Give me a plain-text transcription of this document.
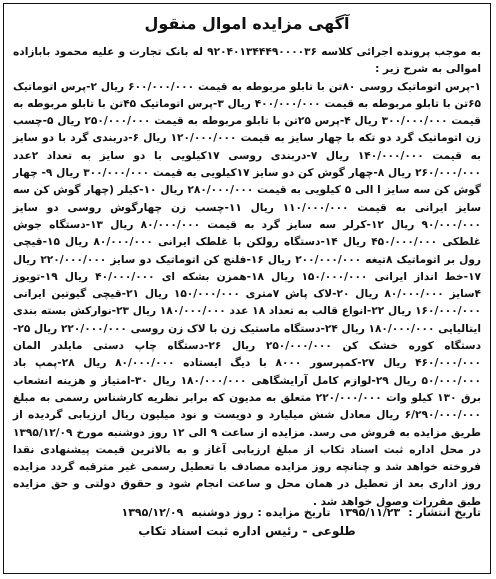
آگهی مزایده اموال منقول

به موجب پرونده اجرائی کلاسه ۹۲۰۴۰۱۳۴۴۴۹۰۰۰۰۳۶ له بانک تجارت و علیه محمود بابازاده اموالی به شرح زیر :

۱-پرس اتوماتیک روسی ۸۰تن با تابلو مربوطه به قیمت ۶۰۰/۰۰۰/۰۰۰ ریال ۲-پرس اتوماتیک ۶۵تن با تابلو مربوطه به قیمت ۴۰۰/۰۰۰/۰۰۰ ریال ۳-پرس اتوماتیک ۴۵تن با تابلو مربوطه به قیمت ۳۰۰/۰۰۰/۰۰۰ ریال ۴-پرس ۲۵تن با تابلو مربوطه به قیمت ۲۵۰/۰۰۰/۰۰۰ ریال ۵-چسب زن اتوماتیک گرد دو تکه با چهار سایز به قیمت ۱۲۰/۰۰۰/۰۰۰ ریال ۶-دربندی گرد با دو سایز به قیمت ۱۴۰/۰۰۰/۰۰۰ ریال ۷-دربندی روسی ۱۷کیلویی با دو سایز به تعداد ۲عدد ۲۶۰/۰۰۰/۰۰۰ ریال ۸-چهار گوش کن دو سایز ۱۷کیلویی به قیمت ۳۰۰/۰۰۰/۰۰۰ ریال ۹- چهار گوش کن سه سایز ا الی ۵ کیلویی به قیمت ۲۸۰/۰۰۰/۰۰۰ ریال ۱۰-کیلر (چهار گوش کن سه سایز ایرانی به قیمت ۱۱۰/۰۰۰/۰۰۰ ریال ۱۱-چسب زن چهارگوش روسی دو سایز ۹۰/۰۰۰/۰۰۰ ریال ۱۲-کرلر سه سایز گرد به قیمت ۸۰/۰۰۰/۰۰۰ ریال ۱۳-دستگاه جوش غلطکی ۴۵۰/۰۰۰/۰۰۰ ریال ۱۴-دستگاه رولکن با غلطک ایرانی ۸۰/۰۰۰/۰۰۰ ریال ۱۵-قیچی رول بر اتوماتیک ۸تیغه ۲۰۰/۰۰۰/۰۰۰ ریال ۱۶-فلنج کن اتوماتیک دو سایز ۲۲۰/۰۰۰/۰۰۰ ریال ۱۷-خط انداز ایرانی ۱۵۰/۰۰۰/۰۰۰ ریال ۱۸-همزن بشکه ای ۴۰/۰۰۰/۰۰۰ ریال ۱۹-تویوز ۴سایز ۸۰/۰۰۰/۰۰۰ ریال ۲۰-لاک پاش ۷متری ۱۵۰/۰۰۰/۰۰۰ ریال ۲۱-قیچی گیوتین ایرانی ۱۶۰/۰۰۰/۰۰۰ ریال ۲۲-انواع قالب به تعداد ۱۸ عدد ۱۸۰/۰۰۰/۰۰۰ ریال ۲۳-نوارکش بسته بندی ایتالیایی ۱۸۰/۰۰۰/۰۰۰ ریال ۲۴-دستگاه ماستیک زن با لاک زن روسی ۲۲۰/۰۰۰/۰۰۰ ریال ۲۵-دستگاه کوره خشک کن ۲۵۰/۰۰۰/۰۰۰ ریال ۲۶-دستگاه چاپ دستی مایلدر المان ۴۶۰/۰۰۰/۰۰۰ ریال ۲۷-کمپرسور ۸۰۰۰ با دیگ ایستاده ۸۰/۰۰۰/۰۰۰ ریال ۲۸-پمپ باد ۵۰/۰۰۰/۰۰۰ ریال ۲۹-لوازم کامل آرایشگاهی ۱۸۰/۰۰۰/۰۰۰ ریال ۳۰-امتیاز و هزینه انشعاب برق ۱۳۰ کیلو وات ۲۲۰/۰۰۰/۰۰۰ متعلق به مدیون که برابر نظریه کارشناس رسمی به مبلغ ۶/۲۹۰/۰۰۰/۰۰۰ ریال معادل شش میلیارد و دویست و نود میلیون ریال ارزیابی گردیده از طریق مزایده به فروش می رسد. مزایده از ساعت ۹ الی ۱۲ روز دوشنبه مورخ ۱۳۹۵/۱۲/۰۹ در محل اداره ثبت اسناد تکاب از مبلغ ارزیابی آغاز و به بالاترین قیمت پیشنهادی نقدا فروخته خواهد شد و چنانچه روز مزایده مصادف با تعطیل رسمی غیر مترقبه گردد مزایده روز اداری بعد از تعطیل در همان محل و ساعت انجام شود و حقوق دولتی و حق مزایده طبق مقررات وصول خواهد شد .

تاریخ انتشار :
۱۳۹۵/۱۱/۲۳
تاریخ مزایده : روز دوشنبه
۱۳۹۵/۱۲/۰۹
طلوعی - رئیس اداره ثبت اسناد تکاب
